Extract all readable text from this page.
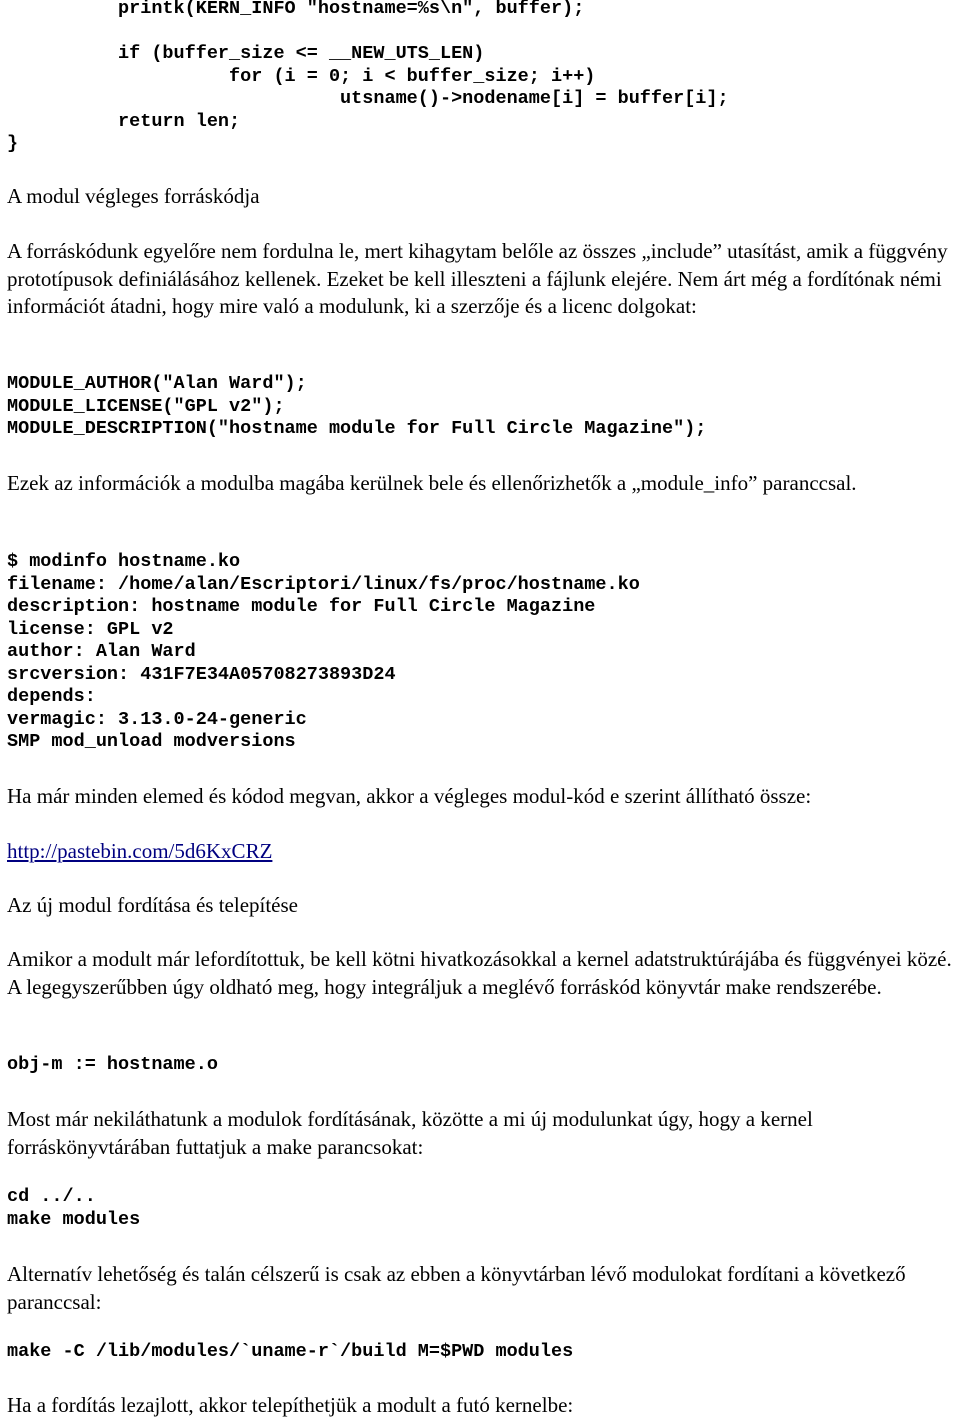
printk(KERN_INFO "hostname=%s\n", buffer);

if (buffer_size <= __NEW_UTS_LEN)
for (i = 0; i < buffer_size; i++)
utsname()->nodename[i] = buffer[i];
return len;
}

A modul végleges forráskódja

A forráskódunk egyelőre nem fordulna le, mert kihagytam belőle az összes „include” utasítást, amik a függvény prototípusok definiálásához kellenek. Ezeket be kell illeszteni a fájlunk elejére. Nem árt még a fordítónak némi információt átadni, hogy mire való a modulunk, ki a szerzője és a licenc dolgokat:

MODULE_AUTHOR("Alan Ward");
MODULE_LICENSE("GPL v2");
MODULE_DESCRIPTION("hostname module for Full Circle Magazine");

Ezek az információk a modulba magába kerülnek bele és ellenőrizhetők a „module_info” paranccsal.

$ modinfo hostname.ko
filename: /home/alan/Escriptori/linux/fs/proc/hostname.ko
description: hostname module for Full Circle Magazine
license: GPL v2
author: Alan Ward
srcversion: 431F7E34A05708273893D24
depends:
vermagic: 3.13.0-24-generic
SMP mod_unload modversions

Ha már minden elemed és kódod megvan, akkor a végleges modul-kód e szerint állítható össze:

http://pastebin.com/5d6KxCRZ

Az új modul fordítása és telepítése

Amikor a modult már lefordítottuk, be kell kötni hivatkozásokkal a kernel adatstruktúrájába és függvényei közé. A legegyszerűbben úgy oldható meg, hogy integráljuk a meglévő forráskód könyvtár make rendszerébe.

obj-m := hostname.o

Most már nekiláthatunk a modulok fordításának, közötte a mi új modulunkat úgy, hogy a kernel forráskönyvtárában futtatjuk a make parancsokat:

cd ../..
make modules

Alternatív lehetőség és talán célszerű is csak az ebben a könyvtárban lévő modulokat fordítani a következő paranccsal:

make -C /lib/modules/`uname-r`/build M=$PWD modules

Ha a fordítás lezajlott, akkor telepíthetjük a modult a futó kernelbe:
